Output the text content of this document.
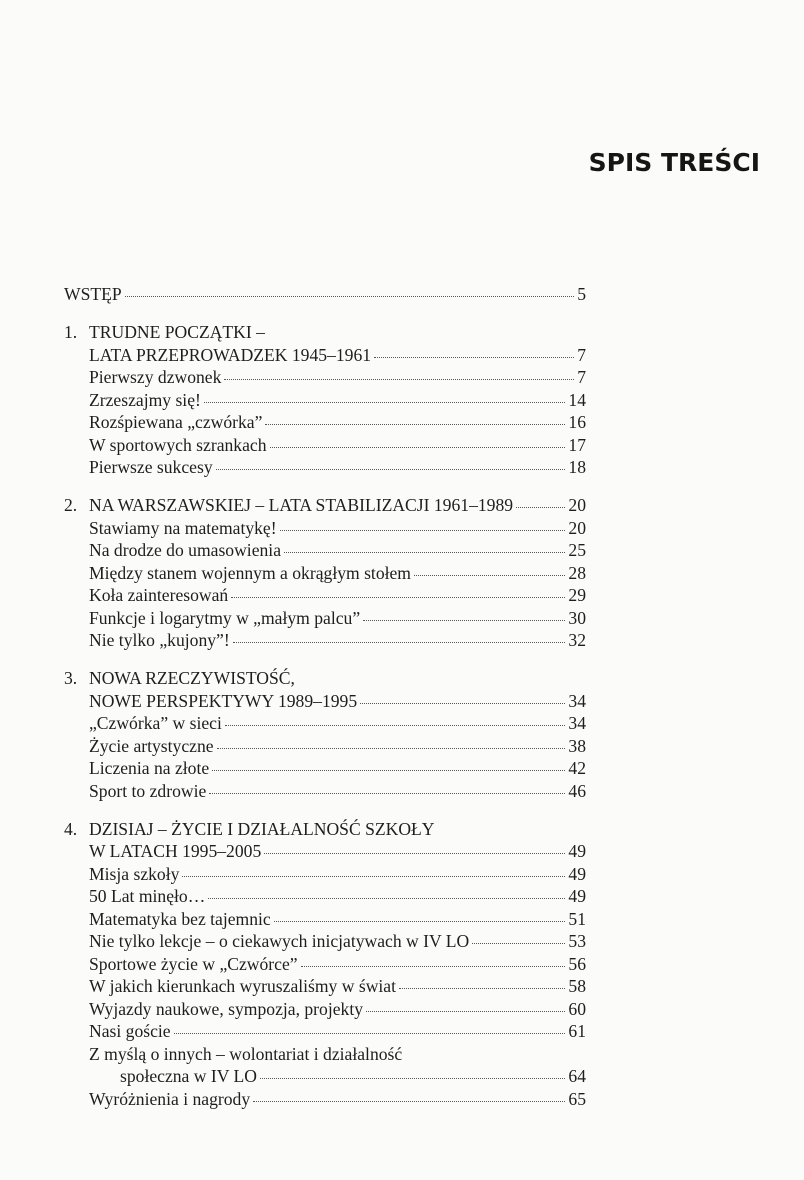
SPIS TREŚCI
WSTĘP	5
1. TRUDNE POCZĄTKI –
LATA PRZEPROWADZEK 1945–1961	7
Pierwszy dzwonek	7
Zrzeszajmy się!	14
Rozśpiewana „czwórka”	16
W sportowych szrankach	17
Pierwsze sukcesy	18
2. NA WARSZAWSKIEJ – LATA STABILIZACJI 1961–1989	20
Stawiamy na matematykę!	20
Na drodze do umasowienia	25
Między stanem wojennym a okrągłym stołem	28
Koła zainteresowań	29
Funkcje i logarytmy w „małym palcu”	30
Nie tylko „kujony”!	32
3. NOWA RZECZYWISTOŚĆ,
NOWE PERSPEKTYWY 1989–1995	34
„Czwórka” w sieci	34
Życie artystyczne	38
Liczenia na złote	42
Sport to zdrowie	46
4. DZISIAJ – ŻYCIE I DZIAŁALNOŚĆ SZKOŁY
W LATACH 1995–2005	49
Misja szkoły	49
50 Lat minęło…	49
Matematyka bez tajemnic	51
Nie tylko lekcje – o ciekawych inicjatywach w IV LO	53
Sportowe życie w „Czwórce”	56
W jakich kierunkach wyruszaliśmy w świat	58
Wyjazdy naukowe, sympozja, projekty	60
Nasi goście	61
Z myślą o innych – wolontariat i działalność
społeczna w IV LO	64
Wyróżnienia i nagrody	65
